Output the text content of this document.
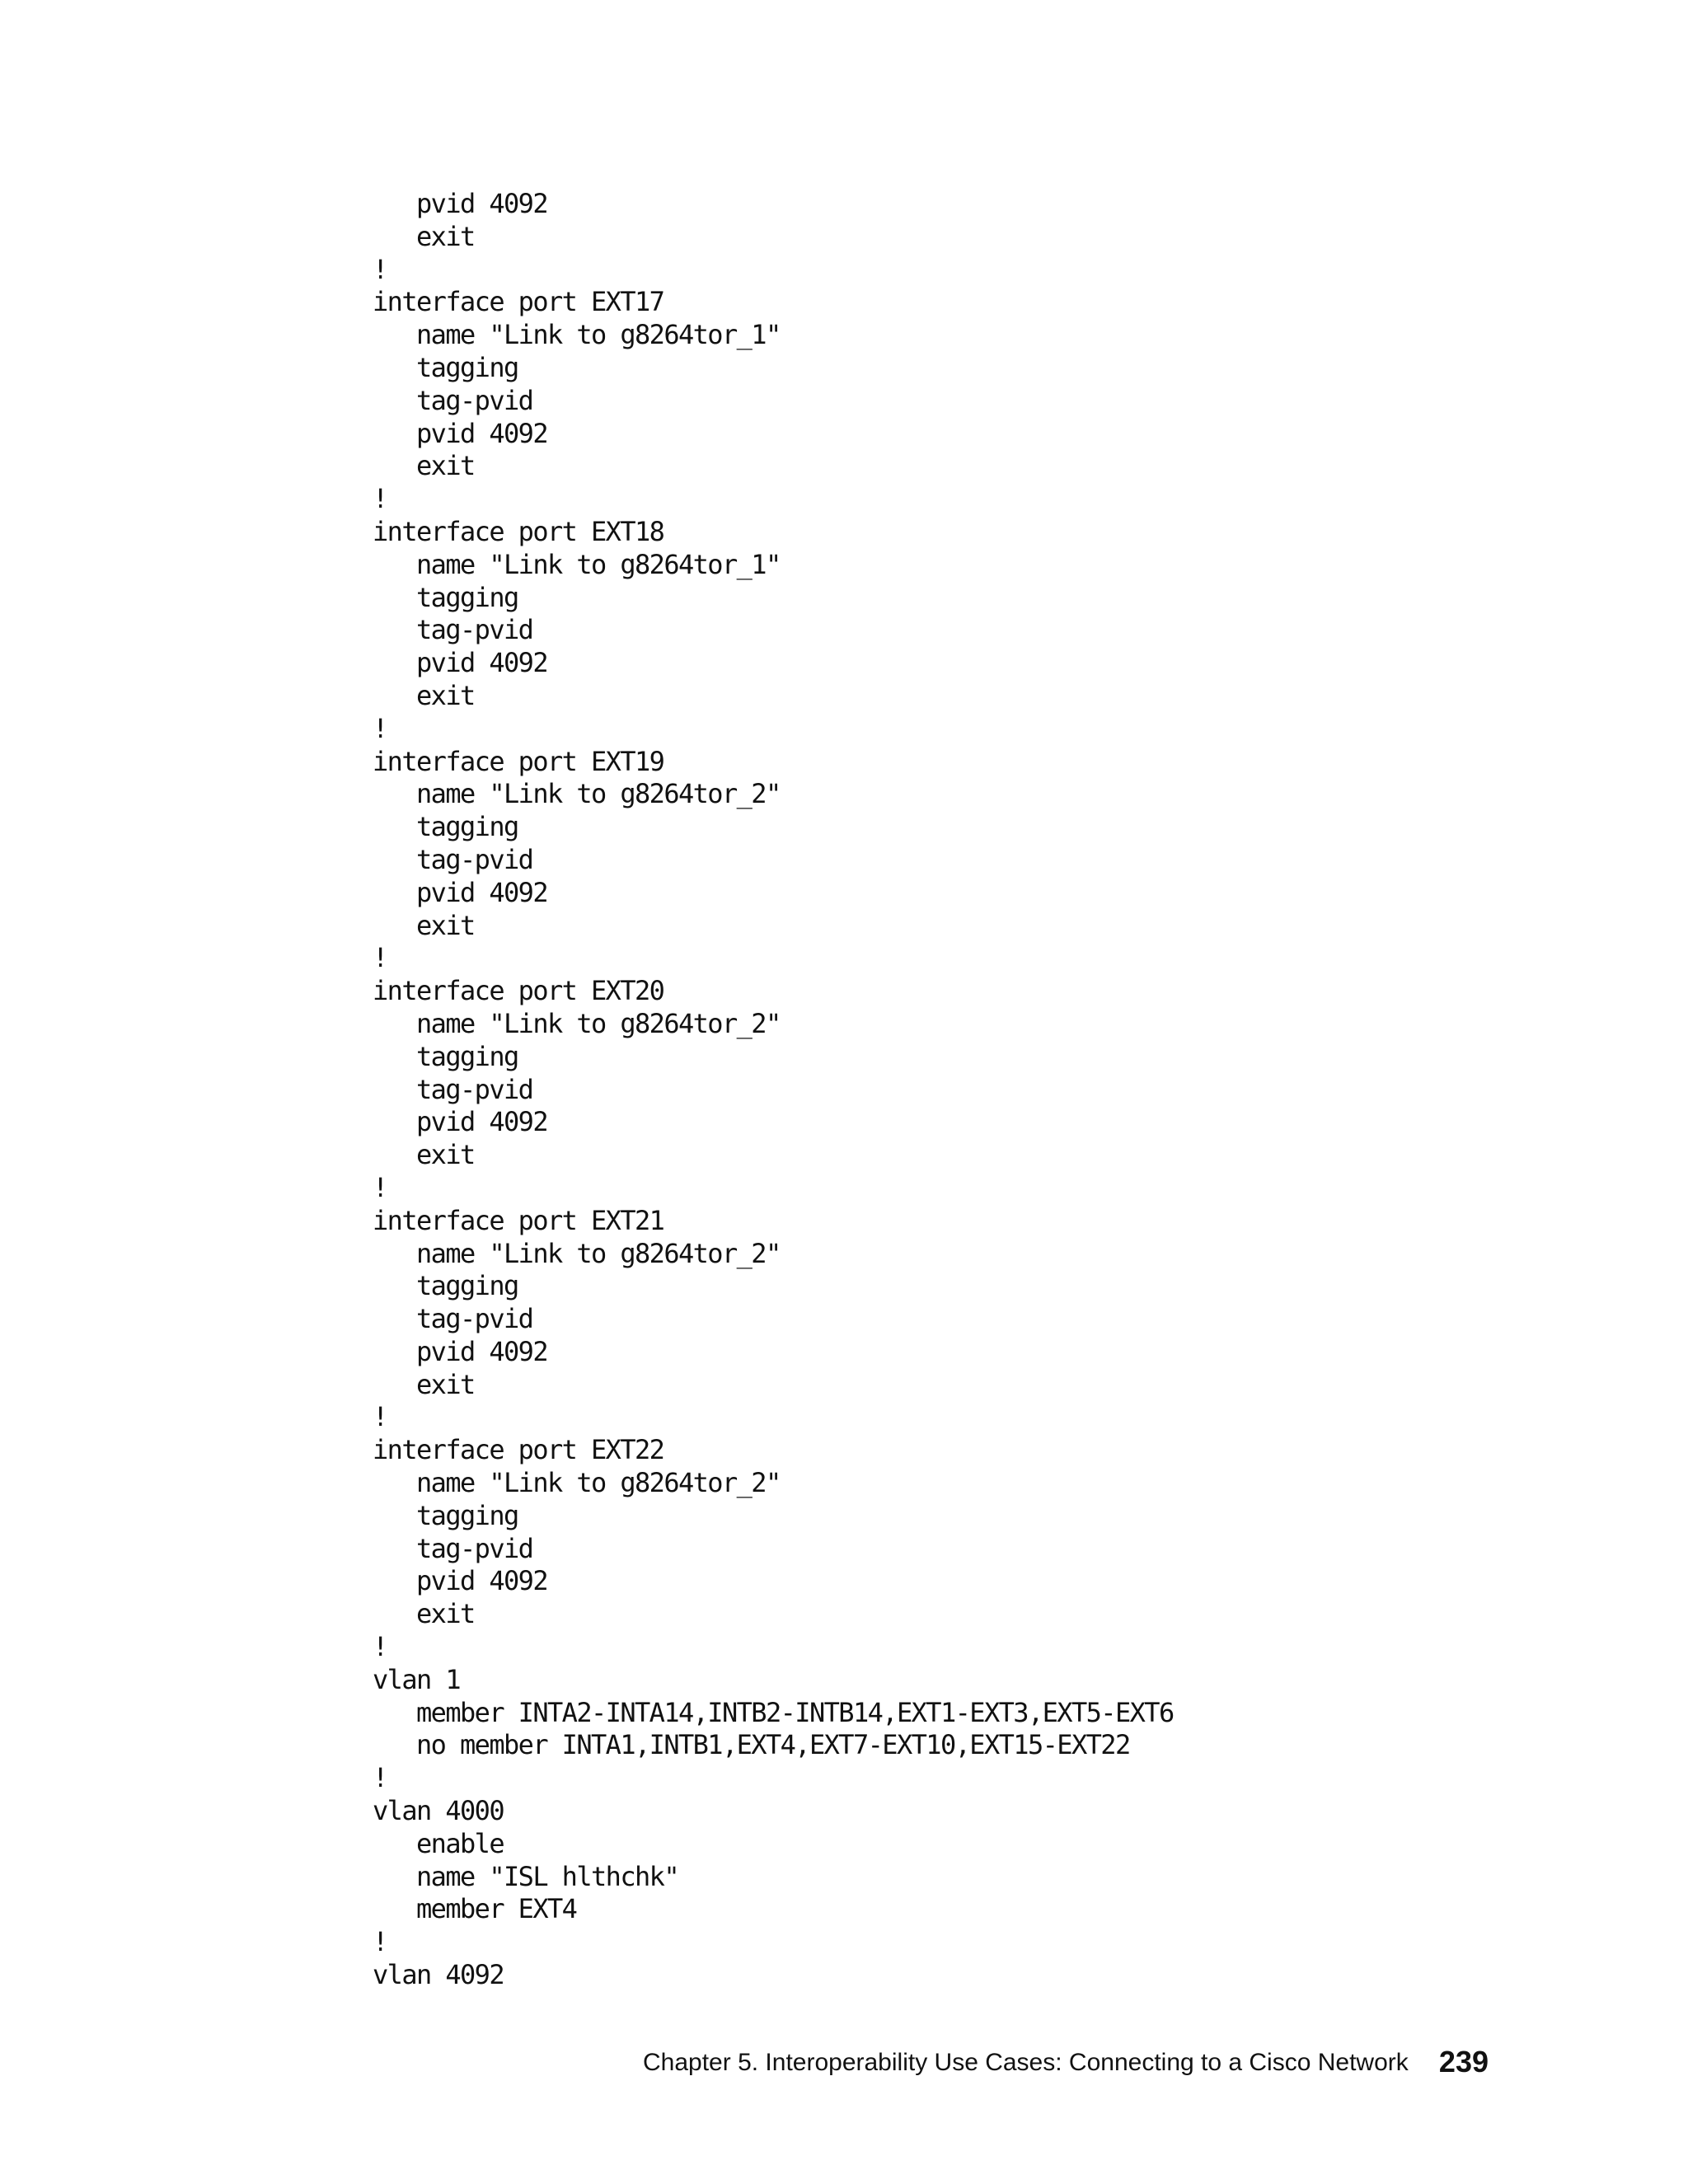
pvid 4092
exit
!
interface port EXT17
name "Link to g8264tor_1"
tagging
tag-pvid
pvid 4092
exit
!
interface port EXT18
name "Link to g8264tor_1"
tagging
tag-pvid
pvid 4092
exit
!
interface port EXT19
name "Link to g8264tor_2"
tagging
tag-pvid
pvid 4092
exit
!
interface port EXT20
name "Link to g8264tor_2"
tagging
tag-pvid
pvid 4092
exit
!
interface port EXT21
name "Link to g8264tor_2"
tagging
tag-pvid
pvid 4092
exit
!
interface port EXT22
name "Link to g8264tor_2"
tagging
tag-pvid
pvid 4092
exit
!
vlan 1
member INTA2-INTA14,INTB2-INTB14,EXT1-EXT3,EXT5-EXT6
no member INTA1,INTB1,EXT4,EXT7-EXT10,EXT15-EXT22
!
vlan 4000
enable
name "ISL hlthchk"
member EXT4
!
vlan 4092
Chapter 5. Interoperability Use Cases: Connecting to a Cisco Network 239
